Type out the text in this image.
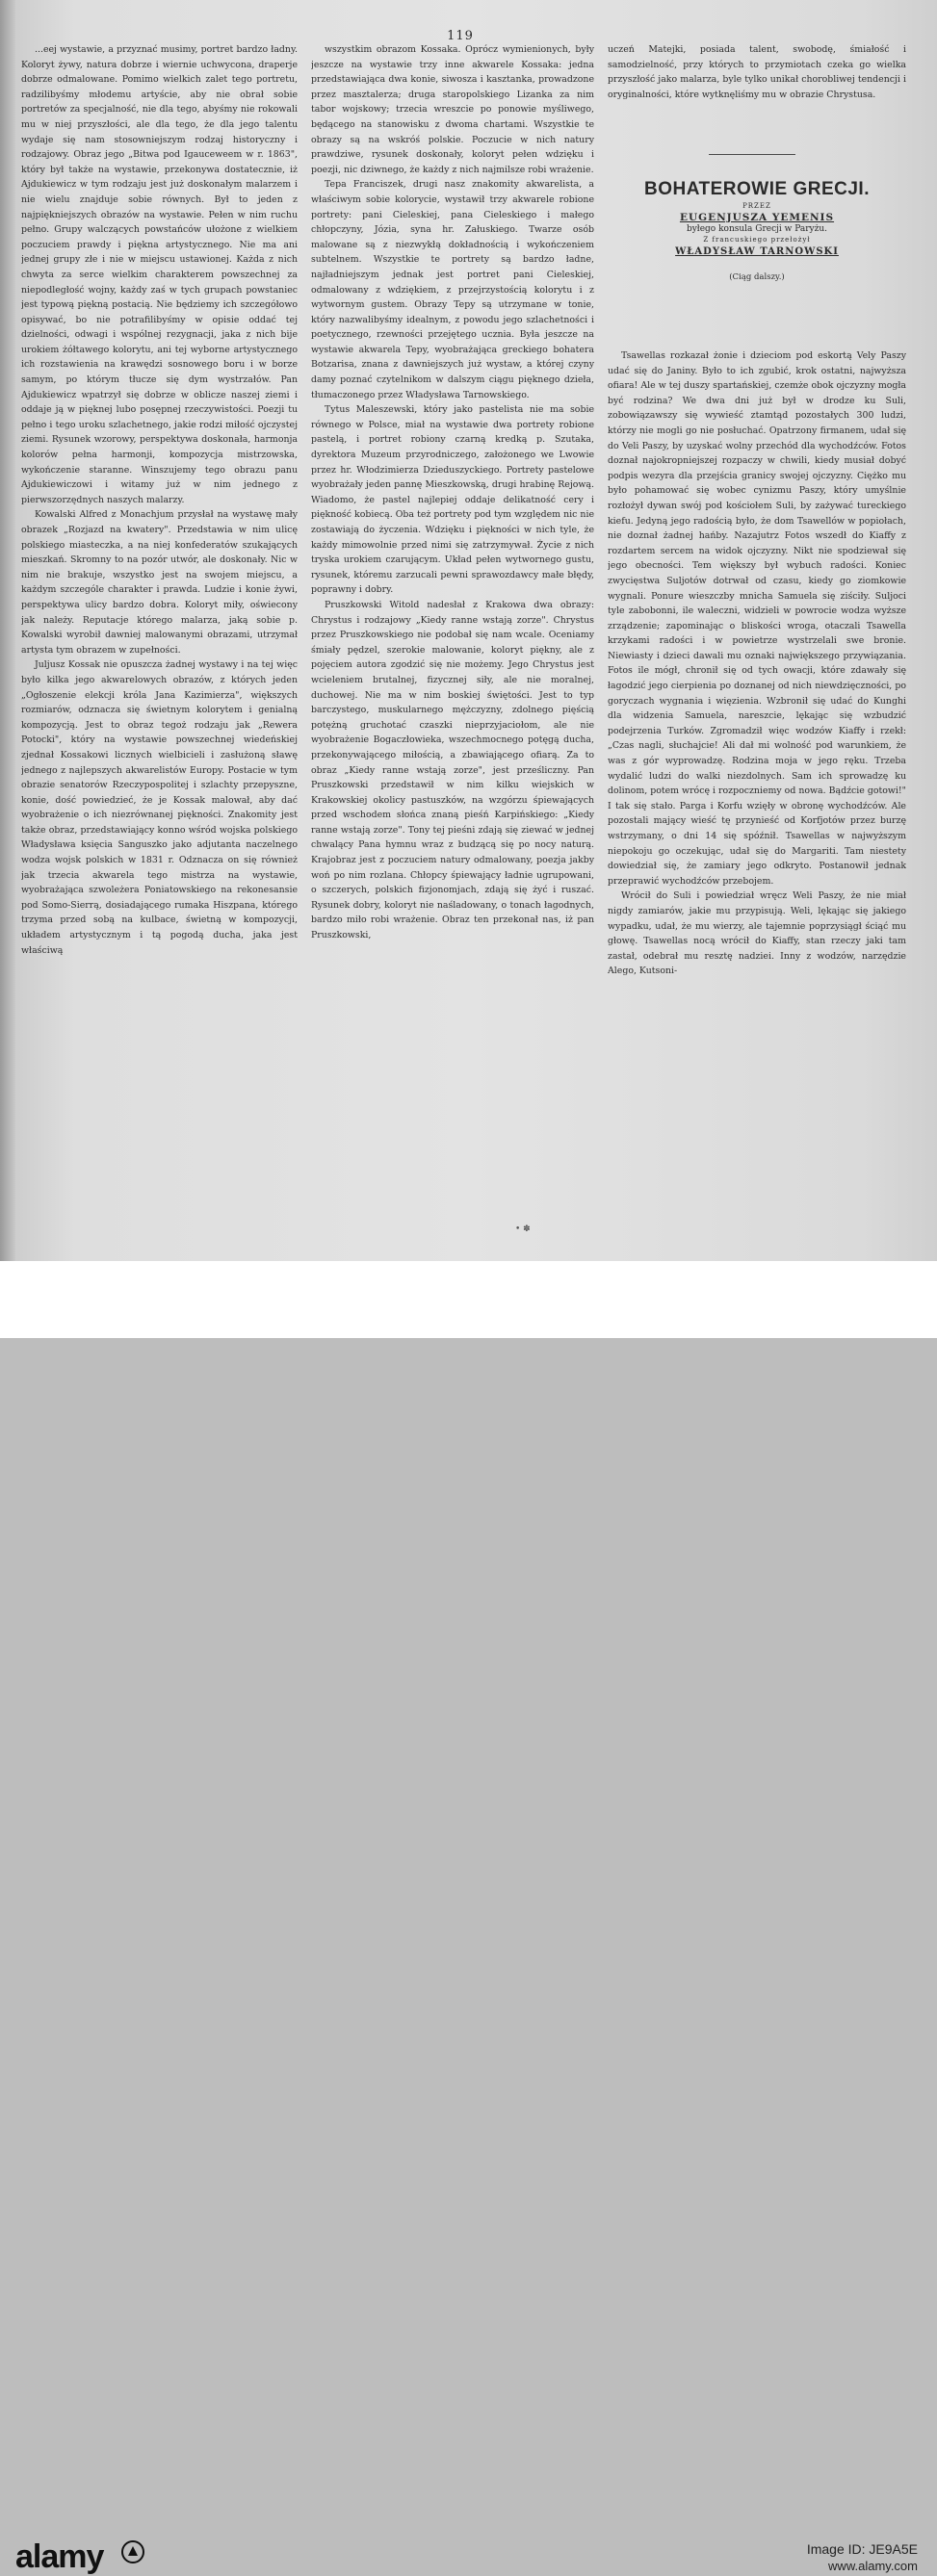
119

...eej wystawie, a przyznać musimy, portret bardzo ładny. Koloryt żywy, natura dobrze i wiernie uchwycona, draperje dobrze odmalowane. Pomimo wielkich zalet tego portretu, radzilibyśmy młodemu artyście, aby nie obrał sobie portretów za specjalność, nie dla tego, abyśmy nie rokowali mu w niej przyszłości, ale dla tego, że dla jego talentu wydaje się nam stosowniejszym rodzaj historyczny i rodzajowy. Obraz jego „Bitwa pod Igauceweem w r. 1863", który był także na wystawie, przekonywa dostatecznie, iż Ajdukiewicz w tym rodzaju jest już doskonałym malarzem i nie wielu znajduje sobie równych. Był to jeden z najpiękniejszych obrazów na wystawie. Pełen w nim ruchu pełno. Grupy walczących powstańców ułożone z wielkiem poczuciem prawdy i piękna artystycznego. Nie ma ani jednej grupy złe i nie w miejscu ustawionej. Każda z nich chwyta za serce wielkim charakterem powszechnej za niepodległość wojny, każdy zaś w tych grupach powstaniec jest typową piękną postacią. Nie będziemy ich szczegółowo opisywać, bo nie potrafilibyśmy w opisie oddać tej dzielności, odwagi i wspólnej rezygnacji, jaka z nich bije urokiem żółtawego kolorytu, ani tej wyborne artystycznego ich rozstawienia na krawędzi sosnowego boru i w borze samym, po którym tłucze się dym wystrzałów. Pan Ajdukiewicz wpatrzył się dobrze w oblicze naszej ziemi i oddaje ją w pięknej lubo posępnej rzeczywistości. Poezji tu pełno i tego uroku szlachetnego, jakie rodzi miłość ojczystej ziemi. Rysunek wzorowy, perspektywa doskonała, harmonja kolorów pełna harmonji, kompozycja mistrzowska, wykończenie staranne. Winszujemy tego obrazu panu Ajdukiewiczowi i witamy już w nim jednego z pierwszorzędnych naszych malarzy.

Kowalski Alfred z Monachjum przysłał na wystawę mały obrazek „Rozjazd na kwatery". Przedstawia w nim ulicę polskiego miasteczka, a na niej konfederatów szukających mieszkań. Skromny to na pozór utwór, ale doskonały. Nic w nim nie brakuje, wszystko jest na swojem miejscu, a każdym szczególe charakter i prawda. Ludzie i konie żywi, perspektywa ulicy bardzo dobra. Koloryt miły, oświecony jak należy. Reputacje którego malarza, jaką sobie p. Kowalski wyrobił dawniej malowanymi obrazami, utrzymał artysta tym obrazem w zupełności.

Juljusz Kossak nie opuszcza żadnej wystawy i na tej więc było kilka jego akwarelowych obrazów, z których jeden „Ogłoszenie elekcji króla Jana Kazimierza", większych rozmiarów, odznacza się świetnym kolorytem i genialną kompozycją. Jest to obraz tegoż rodzaju jak „Rewera Potocki", który na wystawie powszechnej wiedeńskiej zjednał Kossakowi licznych wielbicieli i zasłużoną sławę jednego z najlepszych akwarelistów Europy. Postacie w tym obrazie senatorów Rzeczypospolitej i szlachty przepyszne, konie, dość powiedzieć, że je Kossak malował, aby dać wyobrażenie o ich niezrównanej piękności. Znakomity jest także obraz, przedstawiający konno wśród wojska polskiego Władysława księcia Sanguszko jako adjutanta naczelnego wodza wojsk polskich w 1831 r. Odznacza on się również jak trzecia akwarela tego mistrza na wystawie, wyobrażająca szwoleżera Poniatowskiego na rekonesansie pod Somo-Sierrą, dosiadającego rumaka Hiszpana, którego trzyma przed sobą na kulbace, świetną w kompozycji, układem artystycznym i tą pogodą ducha, jaka jest właściwą

wszystkim obrazom Kossaka. Oprócz wymienionych, były jeszcze na wystawie trzy inne akwarele Kossaka: jedna przedstawiająca dwa konie, siwosza i kasztanka, prowadzone przez masztalerza; druga staropolskiego Lizanka za nim tabor wojskowy; trzecia wreszcie po ponowie myśliwego, będącego na stanowisku z dwoma chartami. Wszystkie te obrazy są na wskróś polskie. Poczucie w nich natury prawdziwe, rysunek doskonały, koloryt pełen wdzięku i poezji, nic dziwnego, że każdy z nich najmilsze robi wrażenie.

Tepa Franciszek, drugi nasz znakomity akwarelista, a właściwym sobie kolorycie, wystawił trzy akwarele robione portrety: pani Cieleskiej, pana Cieleskiego i małego chłopczyny, Józia, syna hr. Załuskiego. Twarze osób malowane są z niezwykłą dokładnością i wykończeniem subtelnem. Wszystkie te portrety są bardzo ładne, najładniejszym jednak jest portret pani Cieleskiej, odmalowany z wdziękiem, z przejrzystością kolorytu i z wytwornym gustem. Obrazy Tepy są utrzymane w tonie, który nazwalibyśmy idealnym, z powodu jego szlachetności i poetycznego, rzewności przejętego ucznia. Była jeszcze na wystawie akwarela Tepy, wyobrażająca greckiego bohatera Botzarisa, znana z dawniejszych już wystaw, a której czyny damy poznać czytelnikom w dalszym ciągu pięknego dzieła, tłumaczonego przez Władysława Tarnowskiego.

Tytus Maleszewski, który jako pastelista nie ma sobie równego w Polsce, miał na wystawie dwa portrety robione pastelą, i portret robiony czarną kredką p. Szutaka, dyrektora Muzeum przyrodniczego, założonego we Lwowie przez hr. Włodzimierza Dzieduszyckiego. Portrety pastelowe wyobrażały jeden pannę Mieszkowską, drugi hrabinę Rejową. Wiadomo, że pastel najlepiej oddaje delikatność cery i piękność kobiecą. Oba też portrety pod tym względem nic nie zostawiają do życzenia. Wdzięku i piękności w nich tyle, że każdy mimowolnie przed nimi się zatrzymywał. Życie z nich tryska urokiem czarującym. Układ pełen wytwornego gustu, rysunek, któremu zarzucali pewni sprawozdawcy małe błędy, poprawny i dobry.

Pruszkowski Witold nadesłał z Krakowa dwa obrazy: Chrystus i rodzajowy „Kiedy ranne wstają zorze". Chrystus przez Pruszkowskiego nie podobał się nam wcale. Oceniamy śmiały pędzel, szerokie malowanie, koloryt piękny, ale z pojęciem autora zgodzić się nie możemy. Jego Chrystus jest wcieleniem brutalnej, fizycznej siły, ale nie moralnej, duchowej. Nie ma w nim boskiej świętości. Jest to typ barczystego, muskularnego mężczyzny, zdolnego pięścią potężną gruchotać czaszki nieprzyjaciołom, ale nie wyobrażenie Bogaczłowieka, wszechmocnego potęgą ducha, przekonywającego miłością, a zbawiającego ofiarą. Za to obraz „Kiedy ranne wstają zorze", jest prześliczny. Pan Pruszkowski przedstawił w nim kilku wiejskich w Krakowskiej okolicy pastuszków, na wzgórzu śpiewających przed wschodem słońca znaną pieśń Karpińskiego: „Kiedy ranne wstają zorze". Tony tej pieśni zdają się ziewać w jednej chwalący Pana hymnu wraz z budzącą się po nocy naturą. Krajobraz jest z poczuciem natury odmalowany, poezja jakby woń po nim rozlana. Chłopcy śpiewający ładnie ugrupowani, o szczerych, polskich fizjonomjach, zdają się żyć i ruszać. Rysunek dobry, koloryt nie naśladowany, o tonach łagodnych, bardzo miło robi wrażenie. Obraz ten przekonał nas, iż pan Pruszkowski,

uczeń Matejki, posiada talent, swobodę, śmiałość i samodzielność, przy których to przymiotach czeka go wielka przyszłość jako malarza, byle tylko unikał chorobliwej tendencji i oryginalności, które wytknęliśmy mu w obrazie Chrystusa.

BOHATEROWIE GRECJI.
PRZEZ
EUGENJUSZA YEMENIS
byłego konsula Grecji w Paryżu.
Z francuskiego przełożył
WŁADYSŁAW TARNOWSKI
(Ciąg dalszy.)

Tsawellas rozkazał żonie i dzieciom pod eskortą Vely Paszy udać się do Janiny. Było to ich zgubić, krok ostatni, najwyższa ofiara! Ale w tej duszy spartańskiej, czemże obok ojczyzny mogła być rodzina? We dwa dni już był w drodze ku Suli, zobowiązawszy się wywieść ztamtąd pozostałych 300 ludzi, którzy nie mogli go nie posłuchać. Opatrzony firmanem, udał się do Veli Paszy, by uzyskać wolny przechód dla wychodźców. Fotos doznał najokropniejszej rozpaczy w chwili, kiedy musiał dobyć podpis wezyra dla przejścia granicy swojej ojczyzny. Ciężko mu było pohamować się wobec cynizmu Paszy, który umyślnie rozłożył dywan swój pod kościołem Suli, by zażywać tureckiego kiefu. Jedyną jego radością było, że dom Tsawellów w popiołach, nie doznał żadnej hańby. Nazajutrz Fotos wszedł do Kiaffy z rozdartem sercem na widok ojczyzny. Nikt nie spodziewał się jego obecności. Tem większy był wybuch radości. Koniec zwycięstwa Suljotów dotrwał od czasu, kiedy go ziomkowie wygnali. Ponure wieszczby mnicha Samuela się ziściły. Suljoci tyle zabobonni, ile waleczni, widzieli w powrocie wodza wyższe zrządzenie; zapominając o bliskości wroga, otaczali Tsawella krzykami radości i w powietrze wystrzelali swe bronie. Niewiasty i dzieci dawali mu oznaki największego przywiązania. Fotos ile mógł, chronił się od tych owacji, które zdawały się łagodzić jego cierpienia po doznanej od nich niewdzięczności, po goryczach wygnania i więzienia. Wzbronił się udać do Kunghi dla widzenia Samuela, nareszcie, lękając się wzbudzić podejrzenia Turków. Zgromadził więc wodzów Kiaffy i rzekł: „Czas nagli, słuchajcie! Ali dał mi wolność pod warunkiem, że was z gór wyprowadzę. Rodzina moja w jego ręku. Trzeba wydalić ludzi do walki niezdolnych. Sam ich sprowadzę ku dolinom, potem wrócę i rozpoczniemy od nowa. Bądźcie gotowi!" I tak się stało. Parga i Korfu wzięły w obronę wychodźców. Ale pozostali mający wieść tę przynieść od Korfjotów przez burzę wstrzymany, o dni 14 się spóźnił. Tsawellas w najwyższym niepokoju go oczekując, udał się do Margariti. Tam niestety dowiedział się, że zamiary jego odkryto. Postanowił jednak przeprawić wychodźców przebojem.

Wrócił do Suli i powiedział wręcz Weli Paszy, że nie miał nigdy zamiarów, jakie mu przypisują. Weli, lękając się jakiego wypadku, udał, że mu wierzy, ale tajemnie poprzysiągł ściąć mu głowę. Tsawellas nocą wrócił do Kiaffy, stan rzeczy jaki tam zastał, odebrał mu resztę nadziei. Inny z wodzów, narzędzie Alego, Kutsoni-

• ✽
alamy	Image ID: JE9A5E
www.alamy.com
